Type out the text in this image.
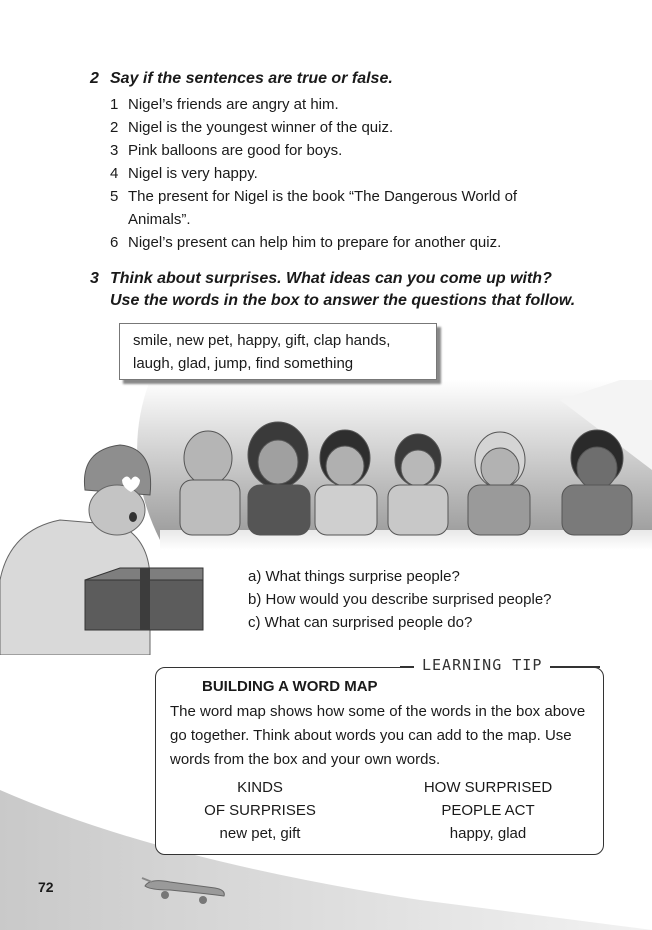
2 Say if the sentences are true or false.
1 Nigel’s friends are angry at him.
2 Nigel is the youngest winner of the quiz.
3 Pink balloons are good for boys.
4 Nigel is very happy.
5 The present for Nigel is the book “The Dangerous World of
Animals”.
6 Nigel’s present can help him to prepare for another quiz.
3 Think about surprises. What ideas can you come up with?
Use the words in the box to answer the questions that follow.
smile, new pet, happy, gift, clap hands,
laugh, glad, jump, find something
a) What things surprise people?
b) How would you describe surprised people?
c) What can surprised people do?
LEARNING TIP
BUILDING A WORD MAP
The word map shows how some of the words in the box above go together. Think about words you can add to the map. Use words from the box and your own words.
KINDS
OF SURPRISES
new pet, gift
HOW SURPRISED
PEOPLE ACT
happy, glad
72
